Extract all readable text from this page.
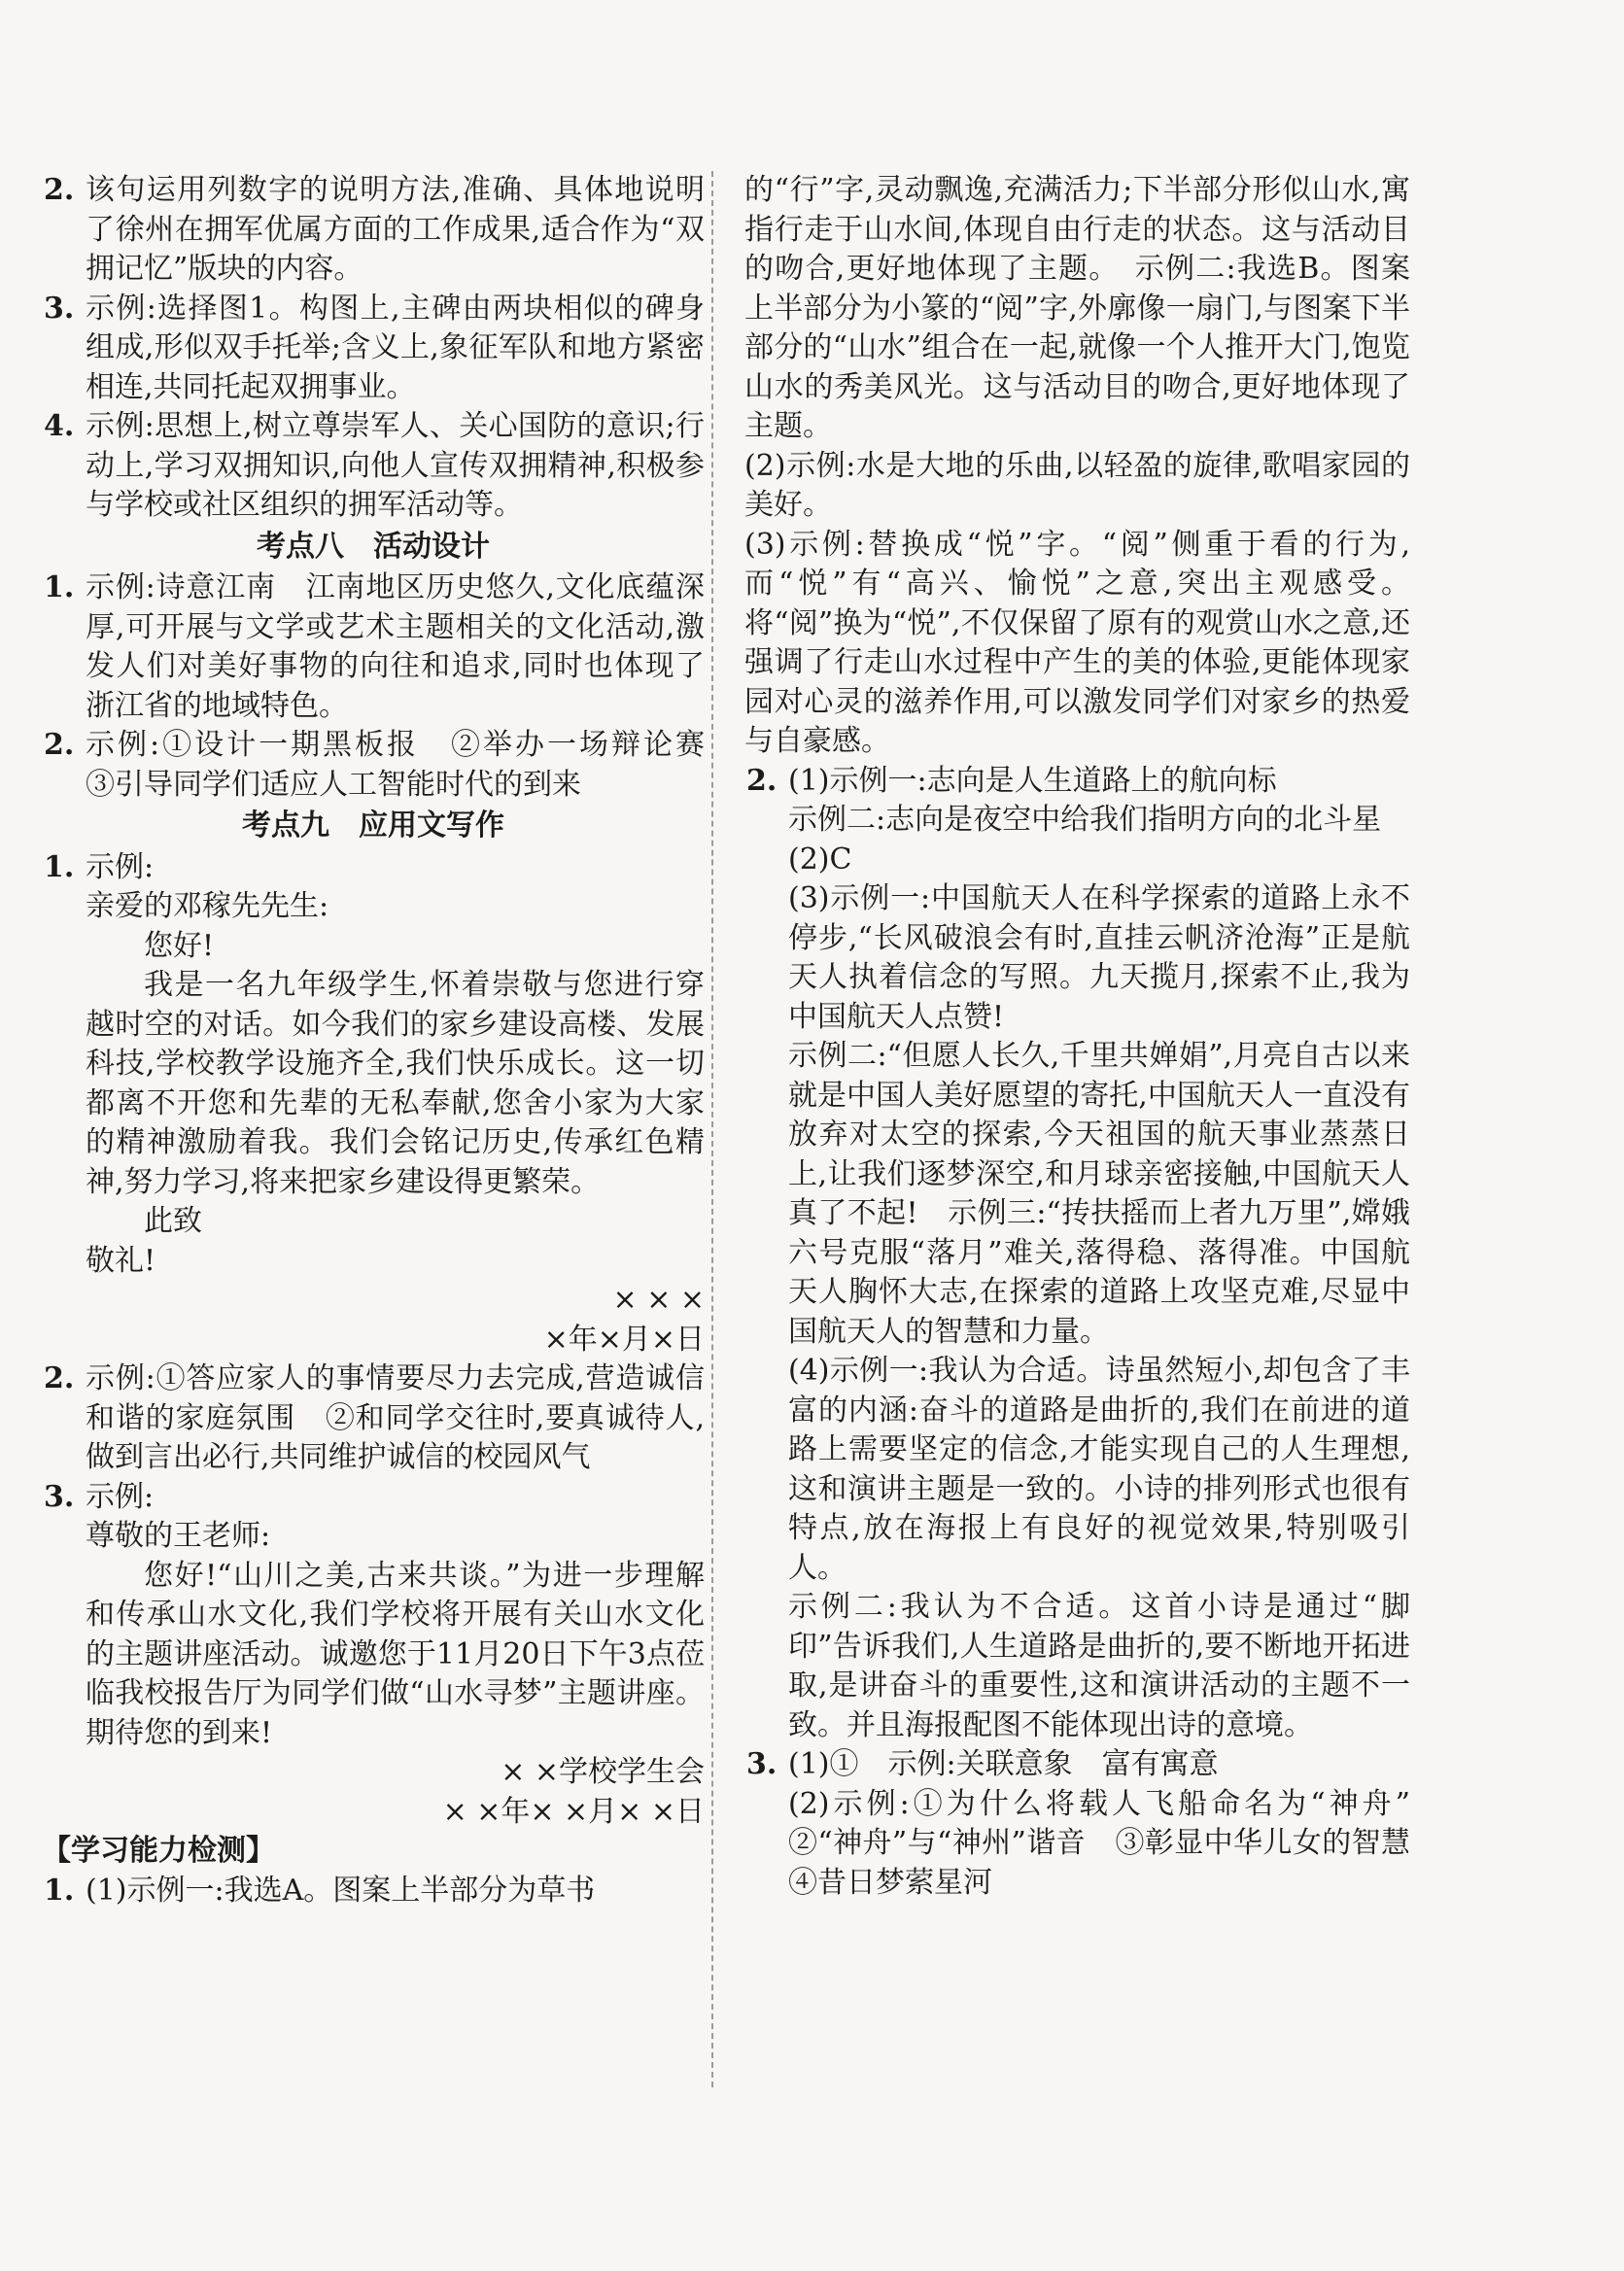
2. 该句运用列数字的说明方法,准确、具体地说明了徐州在拥军优属方面的工作成果,适合作为“双拥记忆”版块的内容。

3. 示例:选择图1。构图上,主碑由两块相似的碑身组成,形似双手托举;含义上,象征军队和地方紧密相连,共同托起双拥事业。

4. 示例:思想上,树立尊崇军人、关心国防的意识;行动上,学习双拥知识,向他人宣传双拥精神,积极参与学校或社区组织的拥军活动等。

考点八　活动设计

1. 示例:诗意江南　江南地区历史悠久,文化底蕴深厚,可开展与文学或艺术主题相关的文化活动,激发人们对美好事物的向往和追求,同时也体现了浙江省的地域特色。

2. 示例:①设计一期黑板报　②举办一场辩论赛　③引导同学们适应人工智能时代的到来

考点九　应用文写作

1. 示例:

亲爱的邓稼先先生:

您好!

我是一名九年级学生,怀着崇敬与您进行穿越时空的对话。如今我们的家乡建设高楼、发展科技,学校教学设施齐全,我们快乐成长。这一切都离不开您和先辈的无私奉献,您舍小家为大家的精神激励着我。我们会铭记历史,传承红色精神,努力学习,将来把家乡建设得更繁荣。

此致

敬礼!

× × ×

×年×月×日

2. 示例:①答应家人的事情要尽力去完成,营造诚信和谐的家庭氛围　②和同学交往时,要真诚待人,做到言出必行,共同维护诚信的校园风气

3. 示例:

尊敬的王老师:

您好!“山川之美,古来共谈。”为进一步理解和传承山水文化,我们学校将开展有关山水文化的主题讲座活动。诚邀您于11月20日下午3点莅临我校报告厅为同学们做“山水寻梦”主题讲座。期待您的到来!

× ×学校学生会

× ×年× ×月× ×日

【学习能力检测】

1. (1)示例一:我选A。图案上半部分为草书

的“行”字,灵动飘逸,充满活力;下半部分形似山水,寓指行走于山水间,体现自由行走的状态。这与活动目的吻合,更好地体现了主题。　示例二:我选B。图案上半部分为小篆的“阅”字,外廓像一扇门,与图案下半部分的“山水”组合在一起,就像一个人推开大门,饱览山水的秀美风光。这与活动目的吻合,更好地体现了主题。

(2)示例:水是大地的乐曲,以轻盈的旋律,歌唱家园的美好。

(3)示例:替换成“悦”字。“阅”侧重于看的行为,而“悦”有“高兴、愉悦”之意,突出主观感受。将“阅”换为“悦”,不仅保留了原有的观赏山水之意,还强调了行走山水过程中产生的美的体验,更能体现家园对心灵的滋养作用,可以激发同学们对家乡的热爱与自豪感。

2. (1)示例一:志向是人生道路上的航向标

示例二:志向是夜空中给我们指明方向的北斗星

(2)C

(3)示例一:中国航天人在科学探索的道路上永不停步,“长风破浪会有时,直挂云帆济沧海”正是航天人执着信念的写照。九天揽月,探索不止,我为中国航天人点赞!

示例二:“但愿人长久,千里共婵娟”,月亮自古以来就是中国人美好愿望的寄托,中国航天人一直没有放弃对太空的探索,今天祖国的航天事业蒸蒸日上,让我们逐梦深空,和月球亲密接触,中国航天人真了不起!　示例三:“抟扶摇而上者九万里”,嫦娥六号克服“落月”难关,落得稳、落得准。中国航天人胸怀大志,在探索的道路上攻坚克难,尽显中国航天人的智慧和力量。

(4)示例一:我认为合适。诗虽然短小,却包含了丰富的内涵:奋斗的道路是曲折的,我们在前进的道路上需要坚定的信念,才能实现自己的人生理想,这和演讲主题是一致的。小诗的排列形式也很有特点,放在海报上有良好的视觉效果,特别吸引人。

示例二:我认为不合适。这首小诗是通过“脚印”告诉我们,人生道路是曲折的,要不断地开拓进取,是讲奋斗的重要性,这和演讲活动的主题不一致。并且海报配图不能体现出诗的意境。

3. (1)①　示例:关联意象　富有寓意

(2)示例:①为什么将载人飞船命名为“神舟”　②“神舟”与“神州”谐音　③彰显中华儿女的智慧　④昔日梦萦星河
